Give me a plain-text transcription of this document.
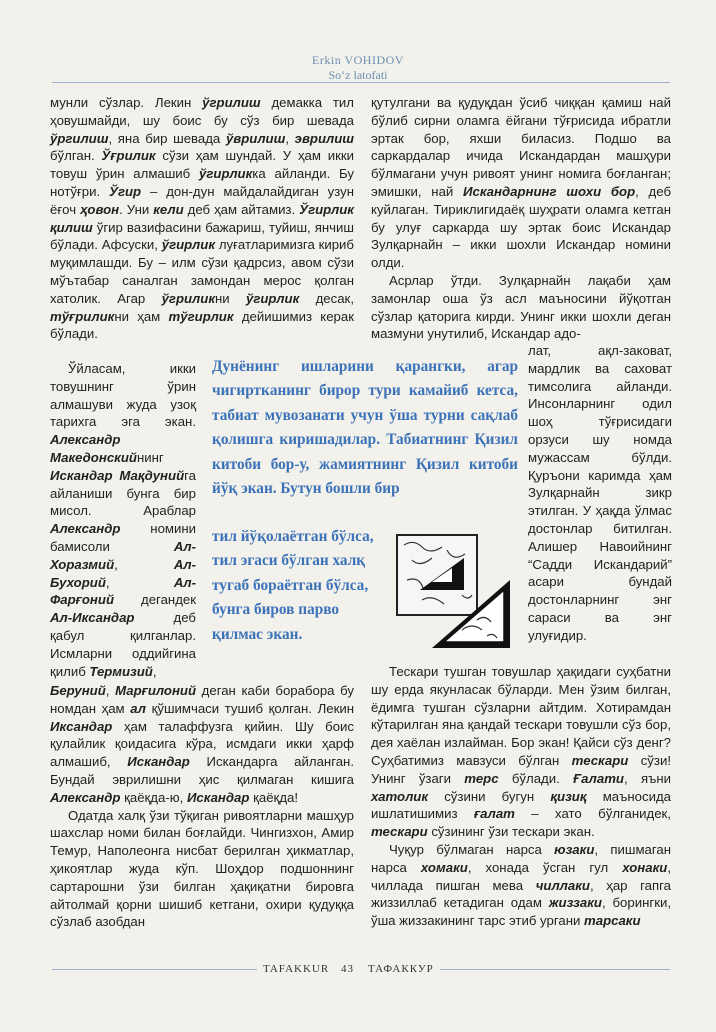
Erkin VOHIDOV
So‘z latofati

мунли сўзлар. Лекин ўгрилиш демакка тил ҳовушмайди, шу боис бу сўз бир шевада ўргилиш, яна бир шевада ўврилиш, эврилиш бўлган. Ўғрилик сўзи ҳам шундай. У ҳам икки товуш ўрин алмашиб ўгирликка айланди. Бу нотўғри. Ўгир – дон-дун майдалайдиган узун ёғоч ҳовон. Уни кели деб ҳам айтамиз. Ўгирлик қилиш ўгир вазифасини бажариш, туйиш, янчиш бўлади. Афсуски, ўгирлик луғатларимизга кириб муқимлашди. Бу – илм сўзи қадрсиз, авом сўзи мўътабар саналган замондан мерос қолган хатолик. Агар ўгриликни ўгирлик десак, тўғриликни ҳам тўгирлик дейишимиз керак бўлади.

Ўйласам, икки товушнинг ўрин алмашуви жуда узоқ тарихга эга экан. Александр Македонскийнинг Искандар Мақдунийга айланиши бунга бир мисол. Араблар Александр номини бамисоли Ал-Хоразмий, Ал-Бухорий, Ал-Фарғоний дегандек Ал-Иксандар деб қабул қилганлар. Исмларни оддийгина қилиб Термизий,

Беруний, Марғилоний деган каби борабора бу номдан ҳам ал қўшимчаси тушиб қолган. Лекин Иксандар ҳам талаффузга қийин. Шу боис қулайлик қоидасига кўра, исмдаги икки ҳарф алмашиб, Искандар Искандарга айланган. Бундай эврилишни ҳис қилмаган кишига Александр қаёқда-ю, Искандар қаёқда!

Одатда халқ ўзи тўқиган ривоятларни машҳур шахслар номи билан боғлайди. Чингизхон, Амир Темур, Наполеонга нисбат берилган ҳикматлар, ҳикоятлар жуда кўп. Шоҳдор подшоннинг сартарошни ўзи билган ҳақиқатни бировга айтолмай қорни шишиб кетгани, охири қудуққа сўзлаб азобдан

қутулгани ва қудуқдан ўсиб чиққан қамиш най бўлиб сирни оламга ёйгани тўғрисида ибратли эртак бор, яхши биласиз. Подшо ва саркардалар ичида Искандардан машҳури бўлмагани учун ривоят унинг номига боғланган; эмишки, най Искандарнинг шохи бор, деб куйлаган. Тириклигидаёқ шуҳрати оламга кетган бу улуғ саркарда шу эртак боис Искандар Зулқарнайн – икки шохли Искандар номини олди.

Асрлар ўтди. Зулқарнайн лақаби ҳам замонлар оша ўз асл маъносини йўқотган сўзлар қаторига кирди. Унинг икки шохли деган мазмуни унутилиб, Искандар адо-

лат, ақл-заковат, мардлик ва саховат тимсолига айланди. Инсонларнинг одил шоҳ тўғрисидаги орзуси шу номда мужассам бўлди. Қуръони каримда ҳам Зулқарнайн зикр этилган. У ҳақда ўлмас достонлар битилган. Алишер Навоийнинг “Садди Искандарий” асари бундай достонларнинг энг сараси ва энг улуғидир.

Тескари тушган товушлар ҳақидаги суҳбатни шу ерда якунласак бўларди. Мен ўзим билган, ёдимга тушган сўзларни айтдим. Хотирамдан кўтарилган яна қандай тескари товушли сўз бор, дея хаёлан излайман. Бор экан! Қайси сўз денг? Суҳбатимиз мавзуси бўлган тескари сўзи! Унинг ўзаги терс бўлади. Ғалати, яъни хатолик сўзини бугун қизиқ маъносида ишлатишимиз ғалат – хато бўлганидек, тескари сўзининг ўзи тескари экан.

Чуқур бўлмаган нарса юзаки, пишмаган нарса хомаки, хонада ўсган гул хонаки, чиллада пишган мева чиллаки, ҳар гапга жиззиллаб кетадиган одам жиззаки, борингки, ўша жиззакининг тарс этиб ургани тарсаки

Дунёнинг ишларини қарангки, агар чигирткaнинг бирор тури камайиб кетса, табиат мувозанати учун ўша турни сақлаб қолишга киришадилар. Табиатнинг Қизил китоби бор-у, жамиятнинг Қизил китоби йўқ экан. Бутун бошли бир
тил йўқолаётган бўлса, тил эгаси бўлган халқ тугаб бораётган бўлса, бунга биров парво қилмас экан.
TAFAKKUR 43 ТАФАККУР
